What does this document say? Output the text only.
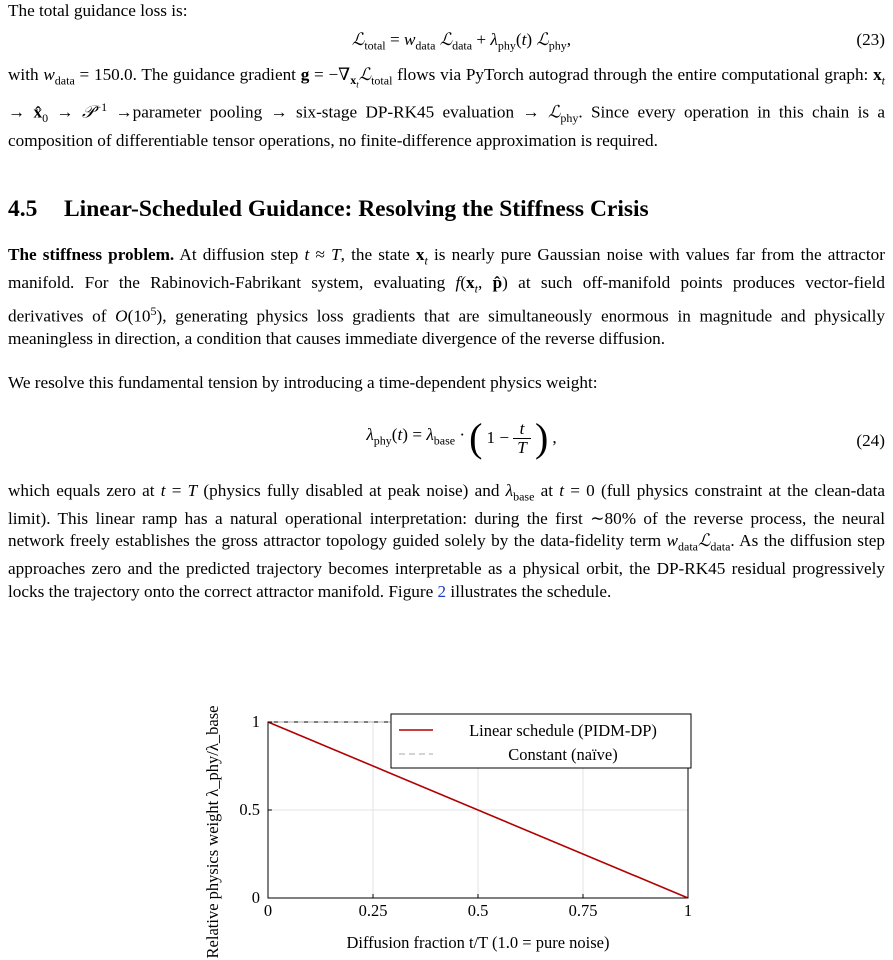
The total guidance loss is:
ℒ$_{total}$ = $w_{data}$ ℒ$_{data}$ + $\lambda_{phy}(t)$ ℒ$_{phy}$,	(23)
with $w_{data} = 150.0$. The guidance gradient $g = -\nabla_{x_t}ℒ_{total}$ flows via PyTorch autograd through the entire computational graph: $x_t$ → $x̂_0$ → 𝒫$^{-1}$ →parameter pooling → six-stage DP-RK45 evaluation → ℒ$_{phy}$. Since every operation in this chain is a composition of differentiable tensor operations, no finite-difference approximation is required.
4.5 Linear-Scheduled Guidance: Resolving the Stiffness Crisis
The stiffness problem. At diffusion step t ≈ T, the state $x_t$ is nearly pure Gaussian noise with values far from the attractor manifold. For the Rabinovich-Fabrikant system, evaluating $f(x_t$, p̂) at such off-manifold points produces vector-field derivatives of $O(10^5)$, generating physics loss gradients that are simultaneously enormous in magnitude and physically meaningless in direction, a condition that causes immediate divergence of the reverse diffusion.
We resolve this fundamental tension by introducing a time-dependent physics weight:
$\lambda_{phy}(t) = \lambda_{base}$ · ( $1 - \frac{t}{T}$ ) ,	(24)
which equals zero at t = T (physics fully disabled at peak noise) and $\lambda_{base}$ at t = 0 (full physics constraint at the clean-data limit). This linear ramp has a natural operational interpretation: during the first ∼80% of the reverse process, the neural network freely establishes the gross attractor topology guided solely by the data-fidelity term $w_{data}ℒ_{data}$. As the diffusion step approaches zero and the predicted trajectory becomes interpretable as a physical orbit, the DP-RK45 residual progressively locks the trajectory onto the correct attractor manifold. Figure 2 illustrates the schedule.
0	0.25	0.5	0.75	1
0
0.5
1	Linear schedule (PIDM-DP)
Constant (naïve)
Diffusion fraction t/T (1.0 = pure noise)
Relative physics weight λ_phy/λ_base
